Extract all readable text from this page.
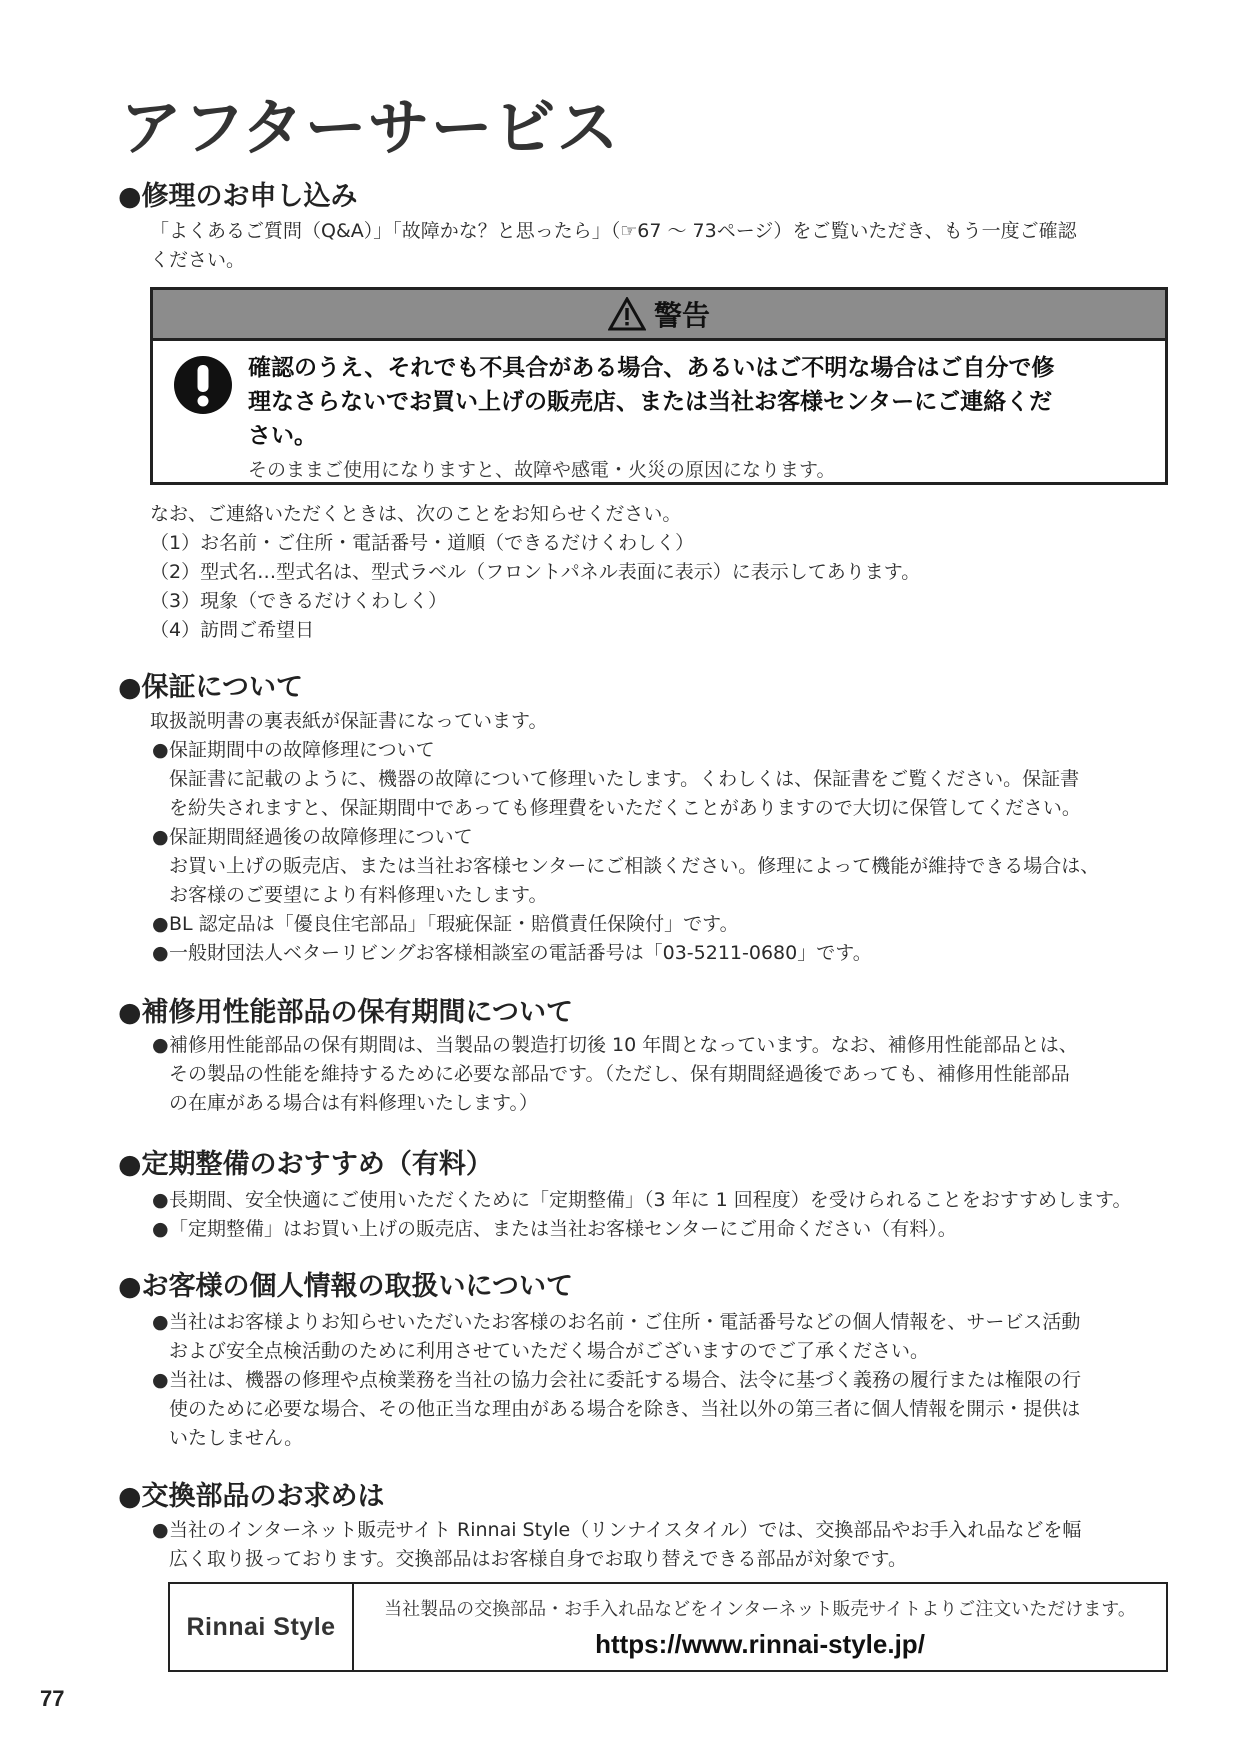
アフターサービス
●修理のお申し込み
「よくあるご質問（Q&A）」「故障かな？と思ったら」（☞67 ～ 73ページ）をご覧いただき、もう一度ご確認
ください。
警告
確認のうえ、それでも不具合がある場合、あるいはご不明な場合はご自分で修
理なさらないでお買い上げの販売店、または当社お客様センターにご連絡くだ
さい。
そのままご使用になりますと、故障や感電・火災の原因になります。
なお、ご連絡いただくときは、次のことをお知らせください。
（1）お名前・ご住所・電話番号・道順（できるだけくわしく）
（2）型式名…型式名は、型式ラベル（フロントパネル表面に表示）に表示してあります。
（3）現象（できるだけくわしく）
（4）訪問ご希望日
●保証について
取扱説明書の裏表紙が保証書になっています。
● 保証期間中の故障修理について
保証書に記載のように、機器の故障について修理いたします。くわしくは、保証書をご覧ください。保証書
を紛失されますと、保証期間中であっても修理費をいただくことがありますので大切に保管してください。
● 保証期間経過後の故障修理について
お買い上げの販売店、または当社お客様センターにご相談ください。修理によって機能が維持できる場合は、
お客様のご要望により有料修理いたします。
● BL 認定品は「優良住宅部品」「瑕疵保証・賠償責任保険付」です。
● 一般財団法人ベターリビングお客様相談室の電話番号は「03-5211-0680」です。
●補修用性能部品の保有期間について
● 補修用性能部品の保有期間は、当製品の製造打切後 10 年間となっています。なお、補修用性能部品とは、
その製品の性能を維持するために必要な部品です。（ただし、保有期間経過後であっても、補修用性能部品
の在庫がある場合は有料修理いたします。）
●定期整備のおすすめ（有料）
● 長期間、安全快適にご使用いただくために「定期整備」（3 年に 1 回程度）を受けられることをおすすめします。
● 「定期整備」はお買い上げの販売店、または当社お客様センターにご用命ください（有料）。
●お客様の個人情報の取扱いについて
● 当社はお客様よりお知らせいただいたお客様のお名前・ご住所・電話番号などの個人情報を、サービス活動
および安全点検活動のために利用させていただく場合がございますのでご了承ください。
● 当社は、機器の修理や点検業務を当社の協力会社に委託する場合、法令に基づく義務の履行または権限の行
使のために必要な場合、その他正当な理由がある場合を除き、当社以外の第三者に個人情報を開示・提供は
いたしません。
●交換部品のお求めは
● 当社のインターネット販売サイト Rinnai Style（リンナイスタイル）では、交換部品やお手入れ品などを幅
広く取り扱っております。交換部品はお客様自身でお取り替えできる部品が対象です。
Rinnai Style
当社製品の交換部品・お手入れ品などをインターネット販売サイトよりご注文いただけます。
https://www.rinnai-style.jp/
77
